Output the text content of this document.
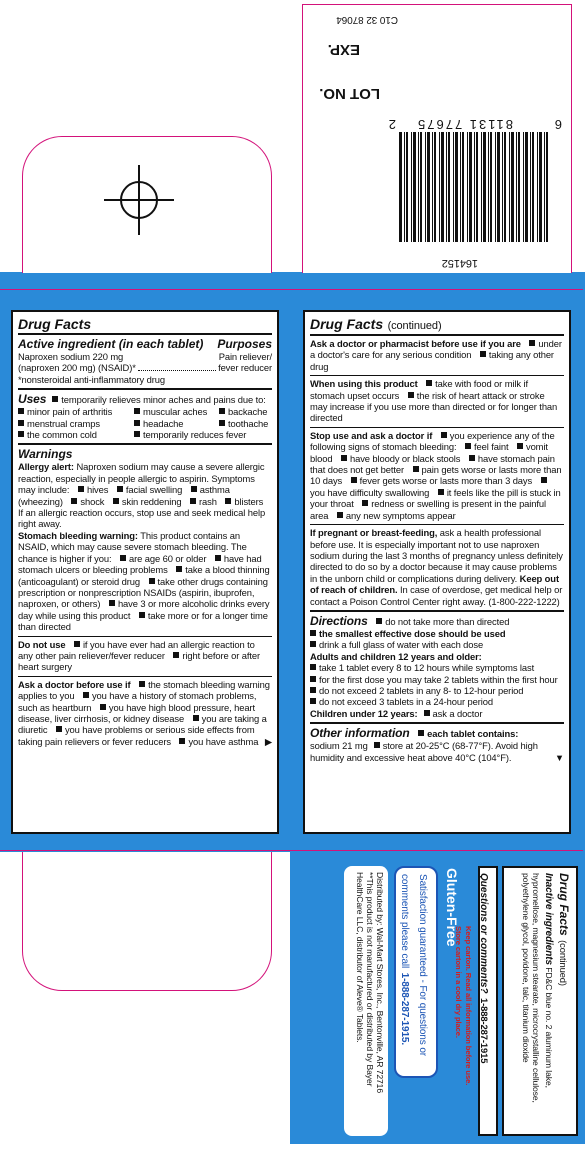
164152
6
81131 77675
2
LOT NO.
EXP.
C10 32 87064
Drug Facts
Active ingredient (in each tablet) Purposes
Naproxen sodium 220 mg	Pain reliever/
(naproxen 200 mg) (NSAID)*	fever reducer
*nonsteroidal anti-inflammatory drug
Uses temporarily relieves minor aches and pains due to:
minor pain of arthritis	muscular aches	backache
menstrual cramps	headache	toothache
the common cold	temporarily reduces fever
Warnings
Allergy alert: Naproxen sodium may cause a severe allergic reaction, especially in people allergic to aspirin. Symptoms may include: hives facial swelling asthma (wheezing) shock skin reddening rash blisters
If an allergic reaction occurs, stop use and seek medical help right away.
Stomach bleeding warning: This product contains an NSAID, which may cause severe stomach bleeding. The chance is higher if you: are age 60 or older have had stomach ulcers or bleeding problems take a blood thinning (anticoagulant) or steroid drug take other drugs containing prescription or nonprescription NSAIDs (aspirin, ibuprofen, naproxen, or others) have 3 or more alcoholic drinks every day while using this product take more or for a longer time than directed
Do not use if you have ever had an allergic reaction to any other pain reliever/fever reducer right before or after heart surgery
Ask a doctor before use if the stomach bleeding warning applies to you you have a history of stomach problems, such as heartburn you have high blood pressure, heart disease, liver cirrhosis, or kidney disease you are taking a diuretic you have problems or serious side effects from taking pain relievers or fever reducers you have asthma ▶
Drug Facts (continued)
Ask a doctor or pharmacist before use if you are under a doctor's care for any serious condition taking any other drug
When using this product take with food or milk if stomach upset occurs the risk of heart attack or stroke may increase if you use more than directed or for longer than directed
Stop use and ask a doctor if you experience any of the following signs of stomach bleeding: feel faint vomit blood have bloody or black stools have stomach pain that does not get better pain gets worse or lasts more than 10 days fever gets worse or lasts more than 3 days you have difficulty swallowing it feels like the pill is stuck in your throat redness or swelling is present in the painful area any new symptoms appear
If pregnant or breast-feeding, ask a health professional before use. It is especially important not to use naproxen sodium during the last 3 months of pregnancy unless definitely directed to do so by a doctor because it may cause problems in the unborn child or complications during delivery. Keep out of reach of children. In case of overdose, get medical help or contact a Poison Control Center right away. (1-800-222-1222)
Directions do not take more than directed
the smallest effective dose should be used
drink a full glass of water with each dose
Adults and children 12 years and older:
take 1 tablet every 8 to 12 hours while symptoms last
for the first dose you may take 2 tablets within the first hour
do not exceed 2 tablets in any 8- to 12-hour period
do not exceed 3 tablets in a 24-hour period
Children under 12 years: ask a doctor
Other information each tablet contains:
sodium 21 mg store at 20-25°C (68-77°F). Avoid high humidity and excessive heat above 40°C (104°F).	▼
Drug Facts (continued)
Inactive ingredients FD&C blue no. 2 aluminum lake, hypromellose, magnesium stearate, microcrystalline cellulose, polyethylene glycol, povidone, talc, titanium dioxide
Questions or comments? 1-888-287-1915
Keep carton. Read all information before use.
Store carton in a cool dry place.
Gluten-Free
Satisfaction guaranteed - For questions or comments please call 1-888-287-1915.
Distributed by: Wal-Mart Stores, Inc., Bentonville, AR 72716
**This product is not manufactured or distributed by Bayer HealthCare LLC, distributor of Aleve® Tablets.
